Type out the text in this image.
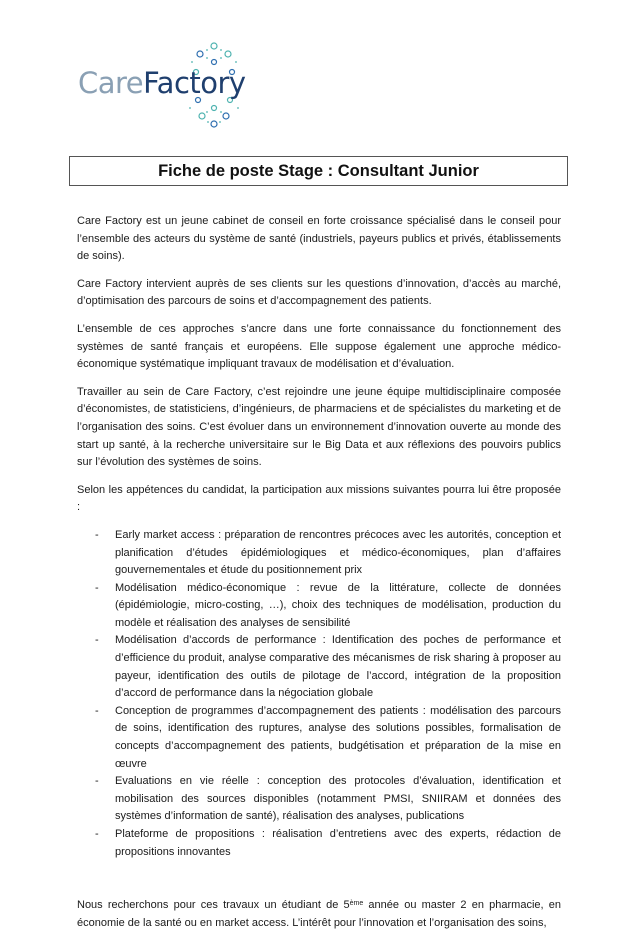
CareFactory
Fiche de poste Stage : Consultant Junior

Care Factory est un jeune cabinet de conseil en forte croissance spécialisé dans le conseil pour l’ensemble des acteurs du système de santé (industriels, payeurs publics et privés, établissements de soins).

Care Factory intervient auprès de ses clients sur les questions d’innovation, d’accès au marché, d’optimisation des parcours de soins et d’accompagnement des patients.

L’ensemble de ces approches s’ancre dans une forte connaissance du fonctionnement des systèmes de santé français et européens. Elle suppose également une approche médico-économique systématique impliquant travaux de modélisation et d’évaluation.

Travailler au sein de Care Factory, c’est rejoindre une jeune équipe multidisciplinaire composée d’économistes, de statisticiens, d’ingénieurs, de pharmaciens et de spécialistes du marketing et de l’organisation des soins. C’est évoluer dans un environnement d’innovation ouverte au monde des start up santé, à la recherche universitaire sur le Big Data et aux réflexions des pouvoirs publics sur l’évolution des systèmes de soins.

Selon les appétences du candidat, la participation aux missions suivantes pourra lui être proposée :

- Early market access : préparation de rencontres précoces avec les autorités, conception et planification d’études épidémiologiques et médico-économiques, plan d’affaires gouvernementales et étude du positionnement prix
- Modélisation médico-économique : revue de la littérature, collecte de données (épidémiologie, micro-costing, …), choix des techniques de modélisation, production du modèle et réalisation des analyses de sensibilité
- Modélisation d’accords de performance : Identification des poches de performance et d’efficience du produit, analyse comparative des mécanismes de risk sharing à proposer au payeur, identification des outils de pilotage de l’accord, intégration de la proposition d’accord de performance dans la négociation globale
- Conception de programmes d’accompagnement des patients : modélisation des parcours de soins, identification des ruptures, analyse des solutions possibles, formalisation de concepts d’accompagnement des patients, budgétisation et préparation de la mise en œuvre
- Evaluations en vie réelle : conception des protocoles d’évaluation, identification et mobilisation des sources disponibles (notamment PMSI, SNIIRAM et données des systèmes d’information de santé), réalisation des analyses, publications
- Plateforme de propositions : réalisation d’entretiens avec des experts, rédaction de propositions innovantes

Nous recherchons pour ces travaux un étudiant de 5ème année ou master 2 en pharmacie, en économie de la santé ou en market access. L’intérêt pour l’innovation et l’organisation des soins,
